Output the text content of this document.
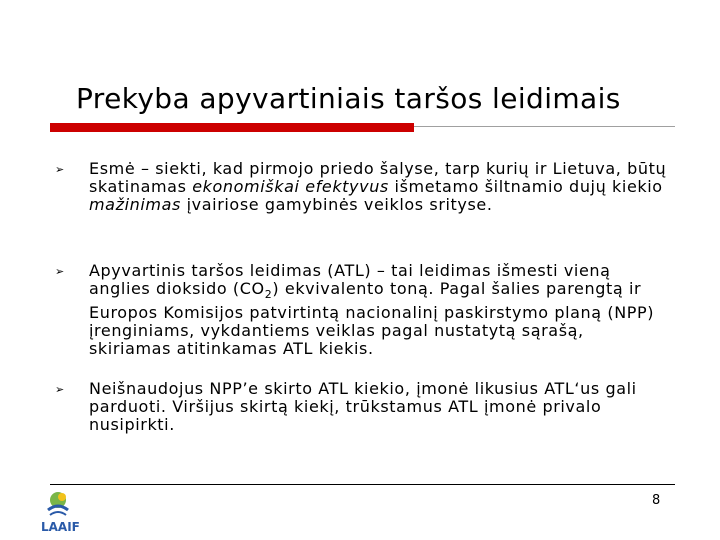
Prekyba apyvartiniais taršos leidimais
➢ Esmė – siekti, kad pirmojo priedo šalyse, tarp kurių ir Lietuva, būtų skatinamas ekonomiškai efektyvus išmetamo šiltnamio dujų kiekio mažinimas įvairiose gamybinės veiklos srityse.
➢ Apyvartinis taršos leidimas (ATL) – tai leidimas išmesti vieną anglies dioksido $(CO_2)$ ekvivalento toną. Pagal šalies parengtą ir Europos Komisijos patvirtintą nacionalinį paskirstymo planą (NPP) įrenginiams, vykdantiems veiklas pagal nustatytą sąrašą, skiriamas atitinkamas ATL kiekis.
➢ Neišnaudojus NPP’e skirto ATL kiekio, įmonė likusius ATL‘us gali parduoti. Viršijus skirtą kiekį, trūkstamus ATL įmonė privalo nusipirkti.
8
LAAIF
